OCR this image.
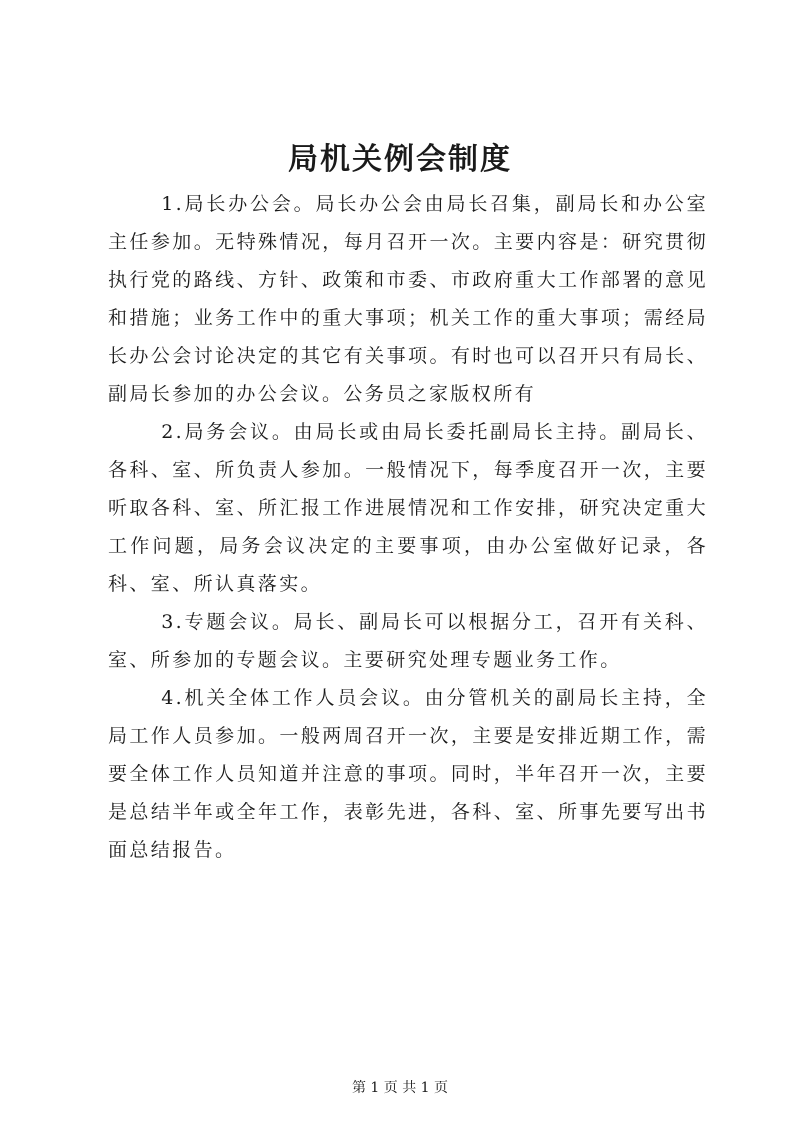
局机关例会制度

1.局长办公会。局长办公会由局长召集，副局长和办公室主任参加。无特殊情况，每月召开一次。主要内容是：研究贯彻执行党的路线、方针、政策和市委、市政府重大工作部署的意见和措施；业务工作中的重大事项；机关工作的重大事项；需经局长办公会讨论决定的其它有关事项。有时也可以召开只有局长、副局长参加的办公会议。公务员之家版权所有

2.局务会议。由局长或由局长委托副局长主持。副局长、各科、室、所负责人参加。一般情况下，每季度召开一次，主要听取各科、室、所汇报工作进展情况和工作安排，研究决定重大工作问题，局务会议决定的主要事项，由办公室做好记录，各科、室、所认真落实。

3.专题会议。局长、副局长可以根据分工，召开有关科、室、所参加的专题会议。主要研究处理专题业务工作。

4.机关全体工作人员会议。由分管机关的副局长主持，全局工作人员参加。一般两周召开一次，主要是安排近期工作，需要全体工作人员知道并注意的事项。同时，半年召开一次，主要是总结半年或全年工作，表彰先进，各科、室、所事先要写出书面总结报告。

第 1 页 共 1 页
